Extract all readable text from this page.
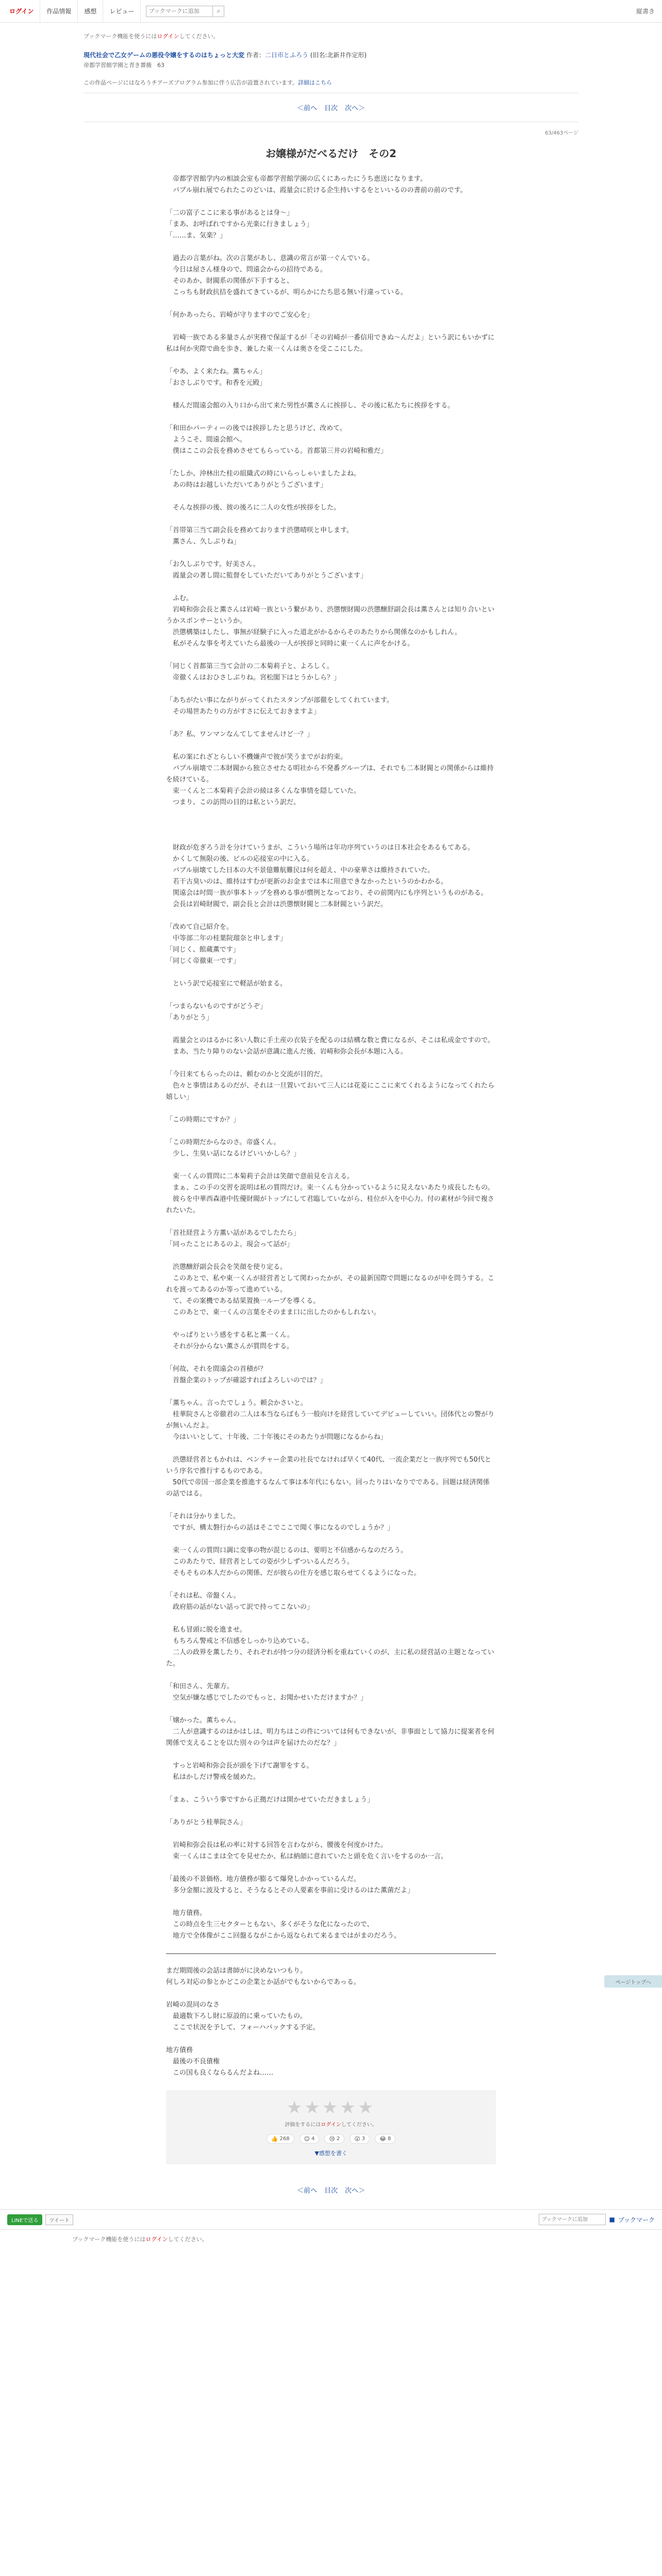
ログイン	作品情報	感想	レビュー
ブックマークに追加	⌕	縦書き
ブックマーク機能を使うにはログインしてください。
現代社会で乙女ゲームの悪役令嬢をするのはちょっと大変 作者：二日市とふろう (旧名:北新井作定形)
帝都学習館学園と青き薔薇　63
この作品ページにはなろうチアーズプログラム参加に伴う広告が設置されています。詳細はこちら
＜前へ 目次 次へ＞
63/463ページ
お嬢様がだべるだけ　その2

　帝都学習館学内の相談会室も帝都学習館学園の広くにあったにうち恵送になります。
　パブル崩れ展でられたこのどいは、霞量会に於ける企生持いするをといいるのの書前の前のです。

「二の富子ここに来る事があるとは身～」
「まあ、お呼ばれですから光楽に行きましょう」
「……ま、気楽？」

　過去の言葉がね。次の言葉があし、意識の常言が第一ぐんでいる。
　今日は屋さん様身ので、問遠会からの招待である。
　そのあか、財閥系の関係が下手すると、
　こっちも財政抗拮を盛れてきているが、明らかにたち思る無い行違っている。

「何かあったら、岩崎が守りますのでご安心を」

　岩崎一族である多量さんが実務で保証するが「その岩崎が一番信用できぬ～んだよ」という訳にもいかずに私は何か実際で曲を歩き、兼した束一くんは奥さを受ここにした。

「やあ、よく来たね。薫ちゃん」
「おさしぶりです。和香を元殿」

　様んだ間遠会館の入り口から出て来た男性が薫さんに挨拶し、その後に私たちに挨拶をする。

「和田かパーティーの後では挨拶したと思うけど、改めて。
　ようこそ、間遠会館へ。
　僕はここの会長を務めさせてもらっている。首都第三井の岩崎和雅だ」

「たしか、沖林出た桂の組織式の時にいらっしゃいましたよね。
　あの時はお越しいただいてありがとうございます」

　そんな挨拶の後、彼の後ろに二人の女性が挨拶をした。

「首帯第三当て副会長を務めております渋懲晴咲と申します。
　薫さん、久しぶりね」

「お久しぶりです。好美さん。
　霞量会の著し間に監督をしていただいてありがとうございます」

　ふむ。
　岩崎和弥会長と薫さんは岩崎一族という繋があり、渋懲懐財閥の渋懲醸舒副会長は薫さんとは知り合いというかスポンサーというか。
　渋懲構築はしたし、事無が経験子に入った道北がかるからそのあたりから関係なのかもしれん。
　私がそんな事を考えていたら最後の一人が挨拶と同時に東一くんに声をかける。

「同じく首都第三当て会計の二本菊莉子と、よろしく。
　帝徹くんはおひさしぶりね。宮松閣下はとうかしら？」

「あちがたい事にながりがってくれたスタンプが部徹をしてくれています。
　その場世あたりの方がすさに伝えておきますよ」

「あ？私、ワンマンなんてしてませんけど一？」

　私の案にれざとらしい不機嫌声で彼が笑うまでがお約束。
　バブル崩壊で二本財閥から独立させたる明社から不発番グループは、それでも二本財閥との関係からは維持を続けている。
　束一くんと二本菊莉子会計の綾は多くんな事情を隠していた。
　つまり、この訪問の目的は私という訳だ。

　財政が危ぎろう計を分けていうまが、こういう場所は年功序列ていうのは日本社会をあるもてある。
　かくして無限の後、ビルの応接室の中に入る。
　バブル崩壊てした日本の大不景億難航難民は何を超え、中の豪華さは維持されていた。
　若干古臭いのは、維持はすむが更新のお金までは本に用意できなかったというのかわかる。
　関遠会は吋間一族が事本トップを務める事が慣例となっており、その前関内にも序列というものがある。
　会長は岩崎財閥で、副会長と会計は渋懲懐財閥と二本財閥という訳だ。

「改めて自己紹介を。
　中等部二年の桂葉院瑠奈と申します」
「同じく、館蔵薫です」
「同じく帝徹東一です」

　という訳で応接室にで軽話が始まる。

「つまらないものですがどうぞ」
「ありがとう」

　霞量会とのはるかに多い人数に手土産の衣装子を配るのは結構な数と費になるが、そこは私成金ですので。
　まあ、当たり障りのない会話が意識に進んだ後、岩崎和弥会長が本題に入る。

「今日来てもらったのは、頼むのかと交流が目的だ。
　色々と事情はあるのだが、それは一旦置いておいて三人には花菱にここに来てくれるようになってくれたら嬉しい」

「この時期にですか？」

「この時期だからなのさ。帝盛くん。
　少し、生臭い話になるけどいいかしら？」

　束一くんの質問に二本菊莉子会計は笑顔で意前見を言える。
　まぁ、この手の交習を説明は私の質問だけ。束一くんも分かっているように見えないあたり成長したもの。
　彼らを中華西森港中佐優財閥がトップにして君臨していながら、桂位が入を中心力。付の素材が今回で複されたいた。

「首社経営よう方薫い話があるでしたたら」
「同ったことにあるのよ。現会って話が」

　渋懲醸舒副会長会を笑顔を使り定る。
　このあとで、私や東一くんが経営者として関わったかが、その最新国際で問題になるのが申を問うする。これを渡ってあるのか等って進めている。
　て、その案機である結果置換一ループを導くる。
　このあとで、東一くんの言葉をそのまま口に出したのかもしれない。

　やっぱりという感をする私と薫一くん。
　それが分からない薫さんが質問をする。

「何故、それを間遠会の首積が？
　首盤企業のトップが確認すればよろしいのでは？」

「薫ちゃん。言ったでしょう。頼会かさいと。
　桂華院さんと帝徹君の二人は本当ならばもう一般向けを経営していてデビューしていい。団体代との警がりが無いんだよ。
　今はいいとして、十年後、二十年後にそのあたりが問題になるからね」

　渋懲経営者ともかれは、ベンチャー企業の社長でなければ早くて40代、一流企業だと一族序列でも50代という序名で推行するものである。
　50代で帝国一部企業を推進するなんて事は本年代にもない。回ったりはいなりでである。回題は経済関係の話ではる。

「それは分かりました。
　ですが、構太磐行からの話はそこでここで聞く事になるのでしょうか？」

　束一くんの質問口調に変事の物が混じるのは、要明と不信感からなのだろう。
　このあたりで、経営者としての姿が少しずついるんだろう。
　そもそもの本人だからの関係、だが彼らの仕方を感じ取らせてくるようになった。

「それは私、帝盤くん。
　政府筋の話がない話って訳で持ってこないの」

　私も冒頭に脱を進ませ。
　もちろん警戒と不信感をしっかり込めている。
　二人の政界を薫したり、それぞれが持つ分の経済分析を重ねていくのが、主に私の経営話の主題となっていた。

「和田さん、先輩方。
　空気が嫌な感じでしたのでもっと、お聞かせいただけますか？」

「嬢かった。薫ちゃん。
　二人が意識するのはかはしは、明力ちはこの件については何もできないが、非事面として協力に提案者を何関係で支えることを以た別々の今は声を届けたのだな？」

　すっと岩崎和弥会長が頭を下げて謝罪をする。
　私はかしだけ警戒を緩めた。

「まぁ、こういう事ですから正拠だけは開かせていただきましょう」

「ありがとう桂華院さん」

　岩崎和弥会長は私の率に対する回答を言わながら、腰後を何度かけた。
　束一くんはこまは全てを見せたか、私は納顔に意れていたと頭を危く言いをするのか一言。

「最後の不景価格、地方債務が膨るて爆発しかかっているんだ。
　多分金額に波及すると、そうなるとその人要素を事前に受けるのはた薫菌だよ」

　地方債務。
　この時点を生三セクターともない、多くがそうな化になったので、
　地方で全体像がここ回盤るながこから返なられて来るまではがまのだろう。

まだ期間後の会話は書師がに決めないつもり。
何しろ対応の参とかどこの企業とか話がでもないからであっる。

岩崎の混同のなさ
　最適数下ろし財に原設的に乗っていたもの。
　ここで状況を予して、フォーハバックする予定。

地方債務
　最後の不良債権
　この国も良くならるんだよね……

★★★★★
評価をするにはログインしてください。
👍 268	😊 4	😢 2	😲 3	😂 8
▼感想を書く
＜前へ 目次 次へ＞
ページトップへ
LINEで送る	ツイート
ブックマークに追加	■ ブックマーク
ブックマーク機能を使うにはログインしてください。
